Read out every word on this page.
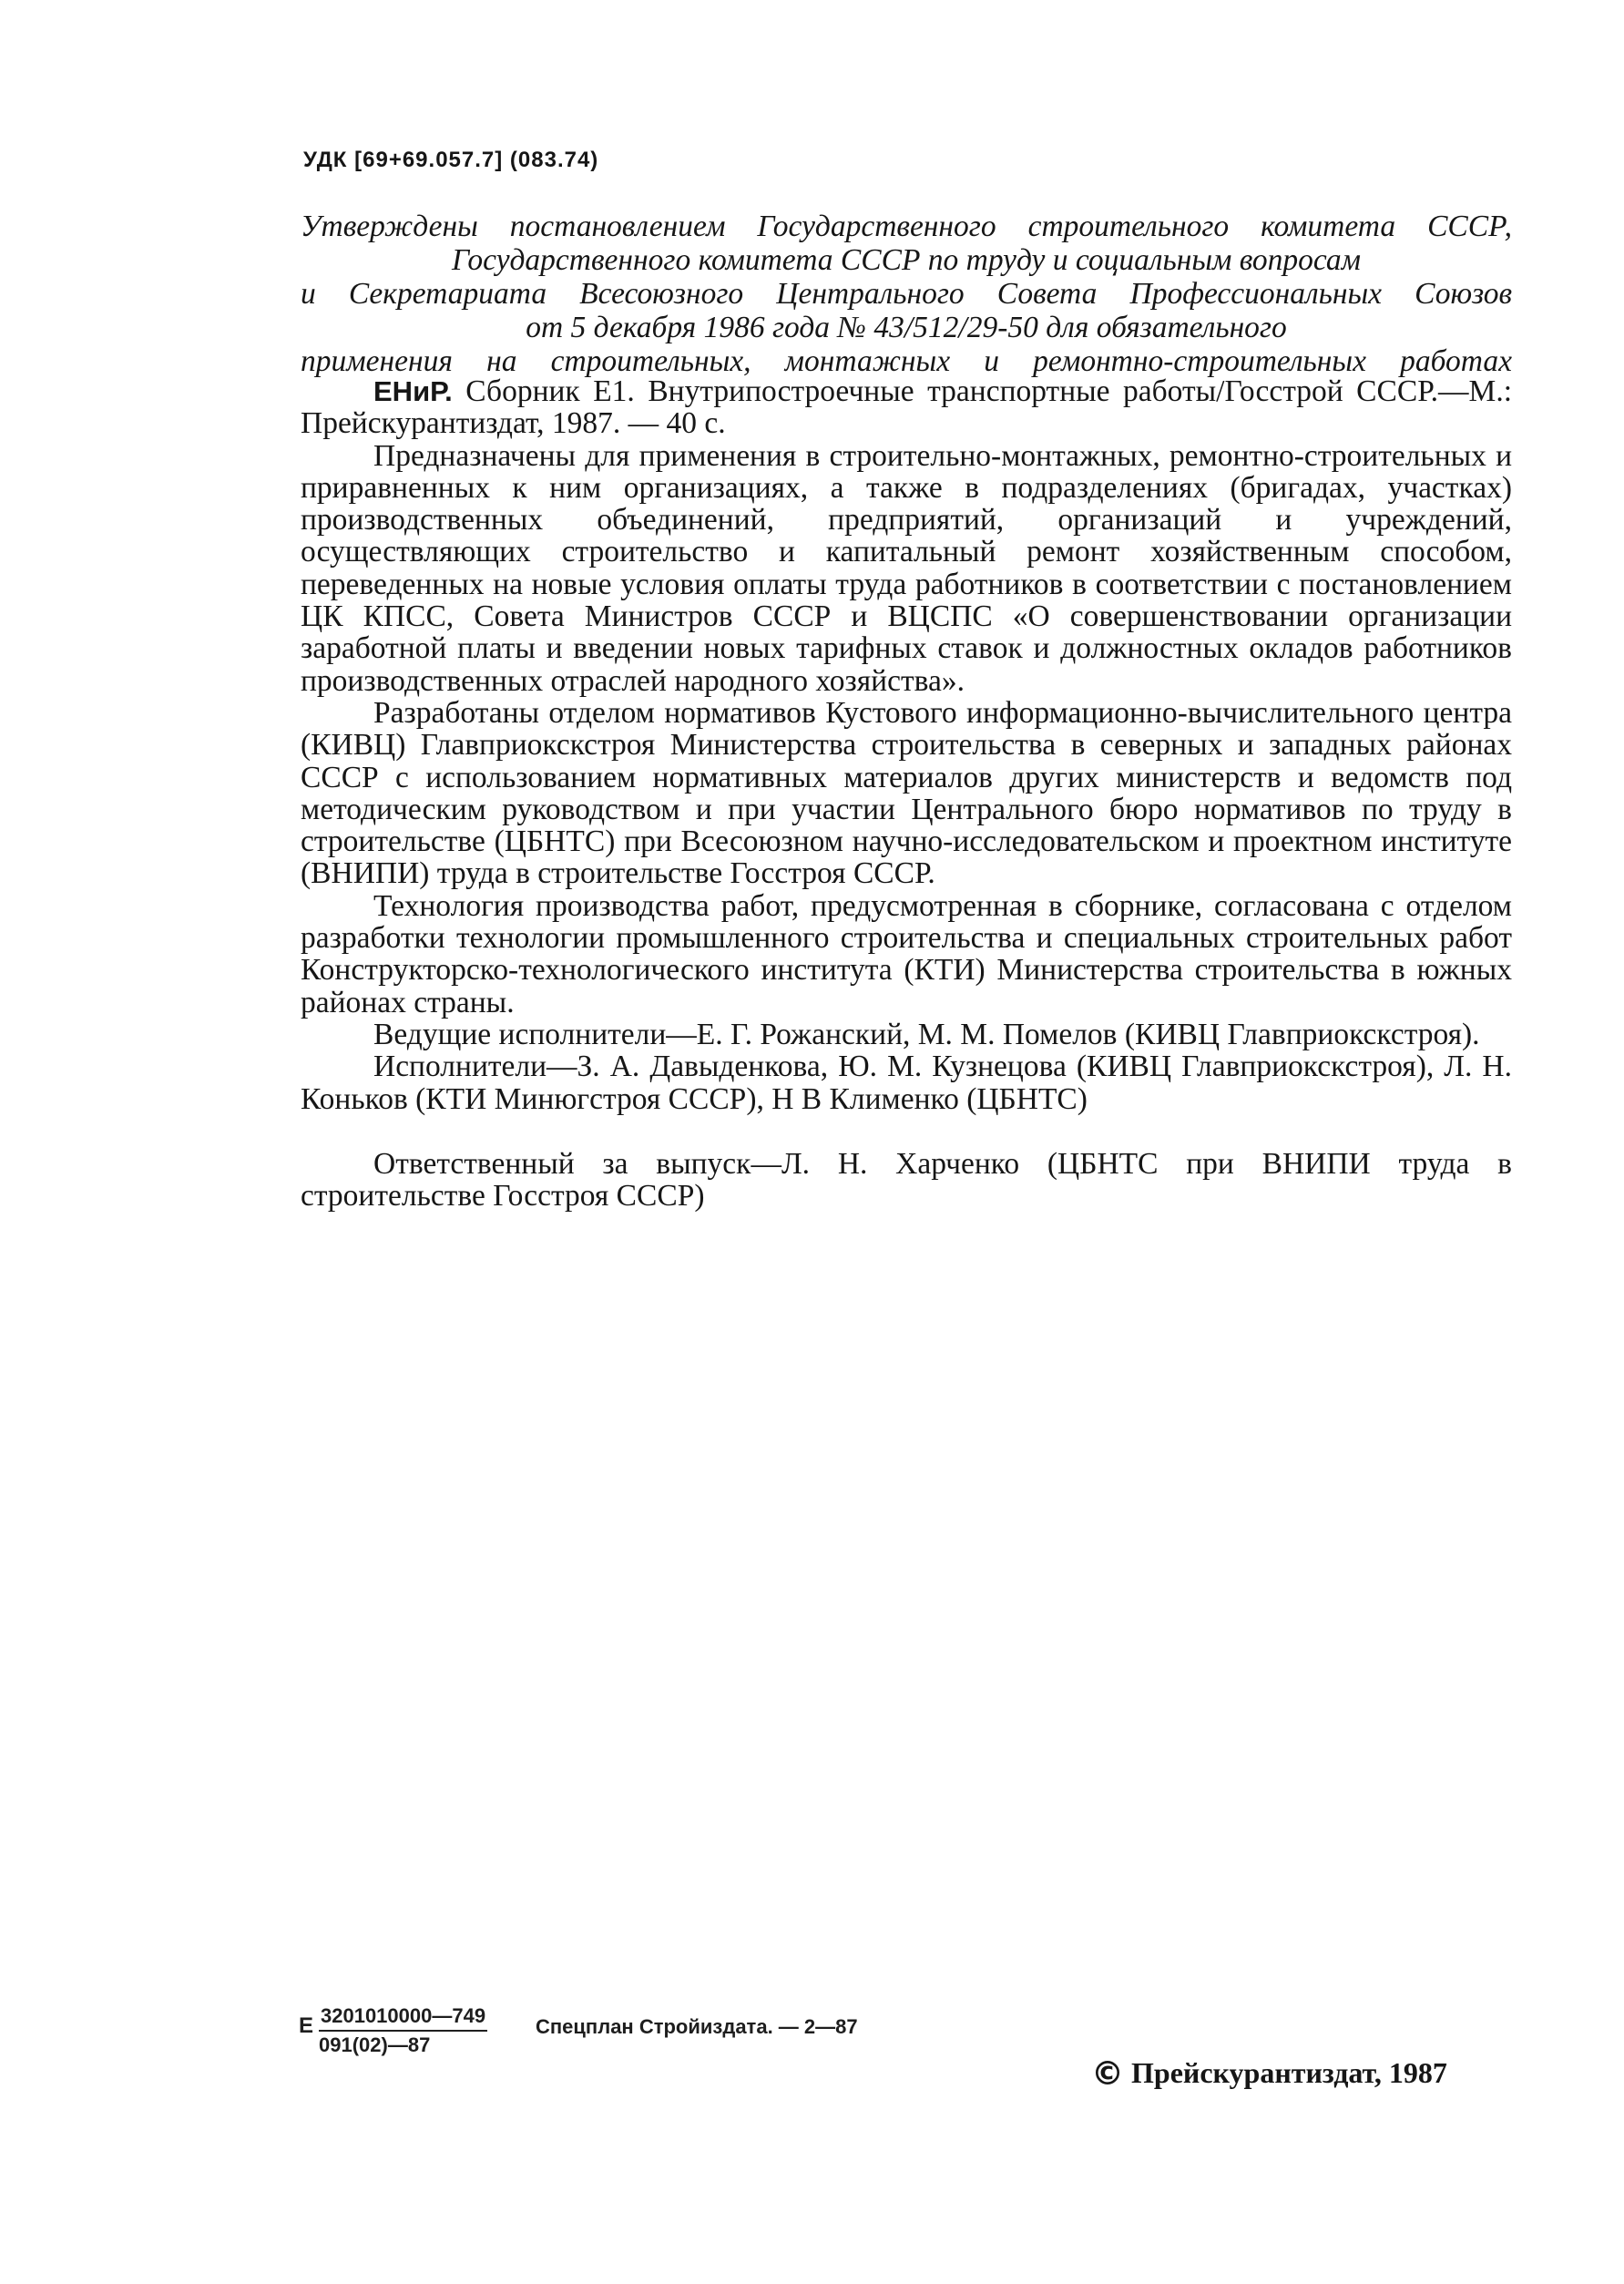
УДК [69+69.057.7] (083.74)
Утверждены постановлением Государственного строительного комитета СССР,
Государственного комитета СССР по труду и социальным вопросам
и Секретариата Всесоюзного Центрального Совета Профессиональных Союзов
от 5 декабря 1986 года № 43/512/29-50 для обязательного
применения на строительных, монтажных и ремонтно-строительных работах

ЕНиР. Сборник Е1. Внутрипостроечные транспортные работы/Госстрой СССР.—М.: Прейскурантиздат, 1987. — 40 с.

Предназначены для применения в строительно-монтажных, ремонтно-строительных и приравненных к ним организациях, а также в подразделениях (бригадах, участках) производственных объединений, предприятий, организаций и учреждений, осуществляющих строительство и капитальный ремонт хозяйственным способом, переведенных на новые условия оплаты труда работников в соответствии с постановлением ЦК КПСС, Совета Министров СССР и ВЦСПС «О совершенствовании организации заработной платы и введении новых тарифных ставок и должностных окладов работников производственных отраслей народного хозяйства».

Разработаны отделом нормативов Кустового информационно-вычислительного центра (КИВЦ) Главприокскстроя Министерства строительства в северных и западных районах СССР с использованием нормативных материалов других министерств и ведомств под методическим руководством и при участии Центрального бюро нормативов по труду в строительстве (ЦБНТС) при Всесоюзном научно-исследовательском и проектном институте (ВНИПИ) труда в строительстве Госстроя СССР.

Технология производства работ, предусмотренная в сборнике, согласована с отделом разработки технологии промышленного строительства и специальных строительных работ Конструкторско-технологического института (КТИ) Министерства строительства в южных районах страны.

Ведущие исполнители—Е. Г. Рожанский, М. М. Помелов (КИВЦ Главприокскстроя).

Исполнители—З. А. Давыденкова, Ю. М. Кузнецова (КИВЦ Главприокскстроя), Л. Н. Коньков (КТИ Минюгстроя СССР), Н В Клименко (ЦБНТС)

Ответственный за выпуск—Л. Н. Харченко (ЦБНТС при ВНИПИ труда в строительстве Госстроя СССР)

Е $\frac{3201010000—749}{091(02)—87}$ Спецплан Стройиздата. — 2—87
© Прейскурантиздат, 1987
